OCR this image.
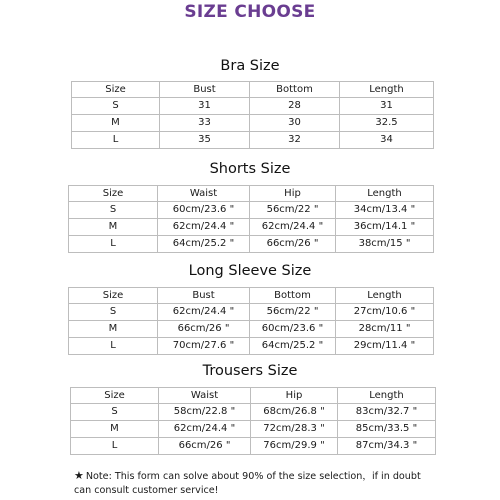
SIZE CHOOSE
Bra Size
Size	Bust	Bottom	Length
S	31	28	31
M	33	30	32.5
L	35	32	34
Shorts Size
Size	Waist	Hip	Length
S	60cm/23.6 "	56cm/22 "	34cm/13.4 "
M	62cm/24.4 "	62cm/24.4 "	36cm/14.1 "
L	64cm/25.2 "	66cm/26 "	38cm/15 "
Long Sleeve Size
Size	Bust	Bottom	Length
S	62cm/24.4 "	56cm/22 "	27cm/10.6 "
M	66cm/26 "	60cm/23.6 "	28cm/11 "
L	70cm/27.6 "	64cm/25.2 "	29cm/11.4 "
Trousers Size
Size	Waist	Hip	Length
S	58cm/22.8 "	68cm/26.8 "	83cm/32.7 "
M	62cm/24.4 "	72cm/28.3 "	85cm/33.5 "
L	66cm/26 "	76cm/29.9 "	87cm/34.3 "
★ Note: This form can solve about 90% of the size selection，if in doubt can consult customer service!
